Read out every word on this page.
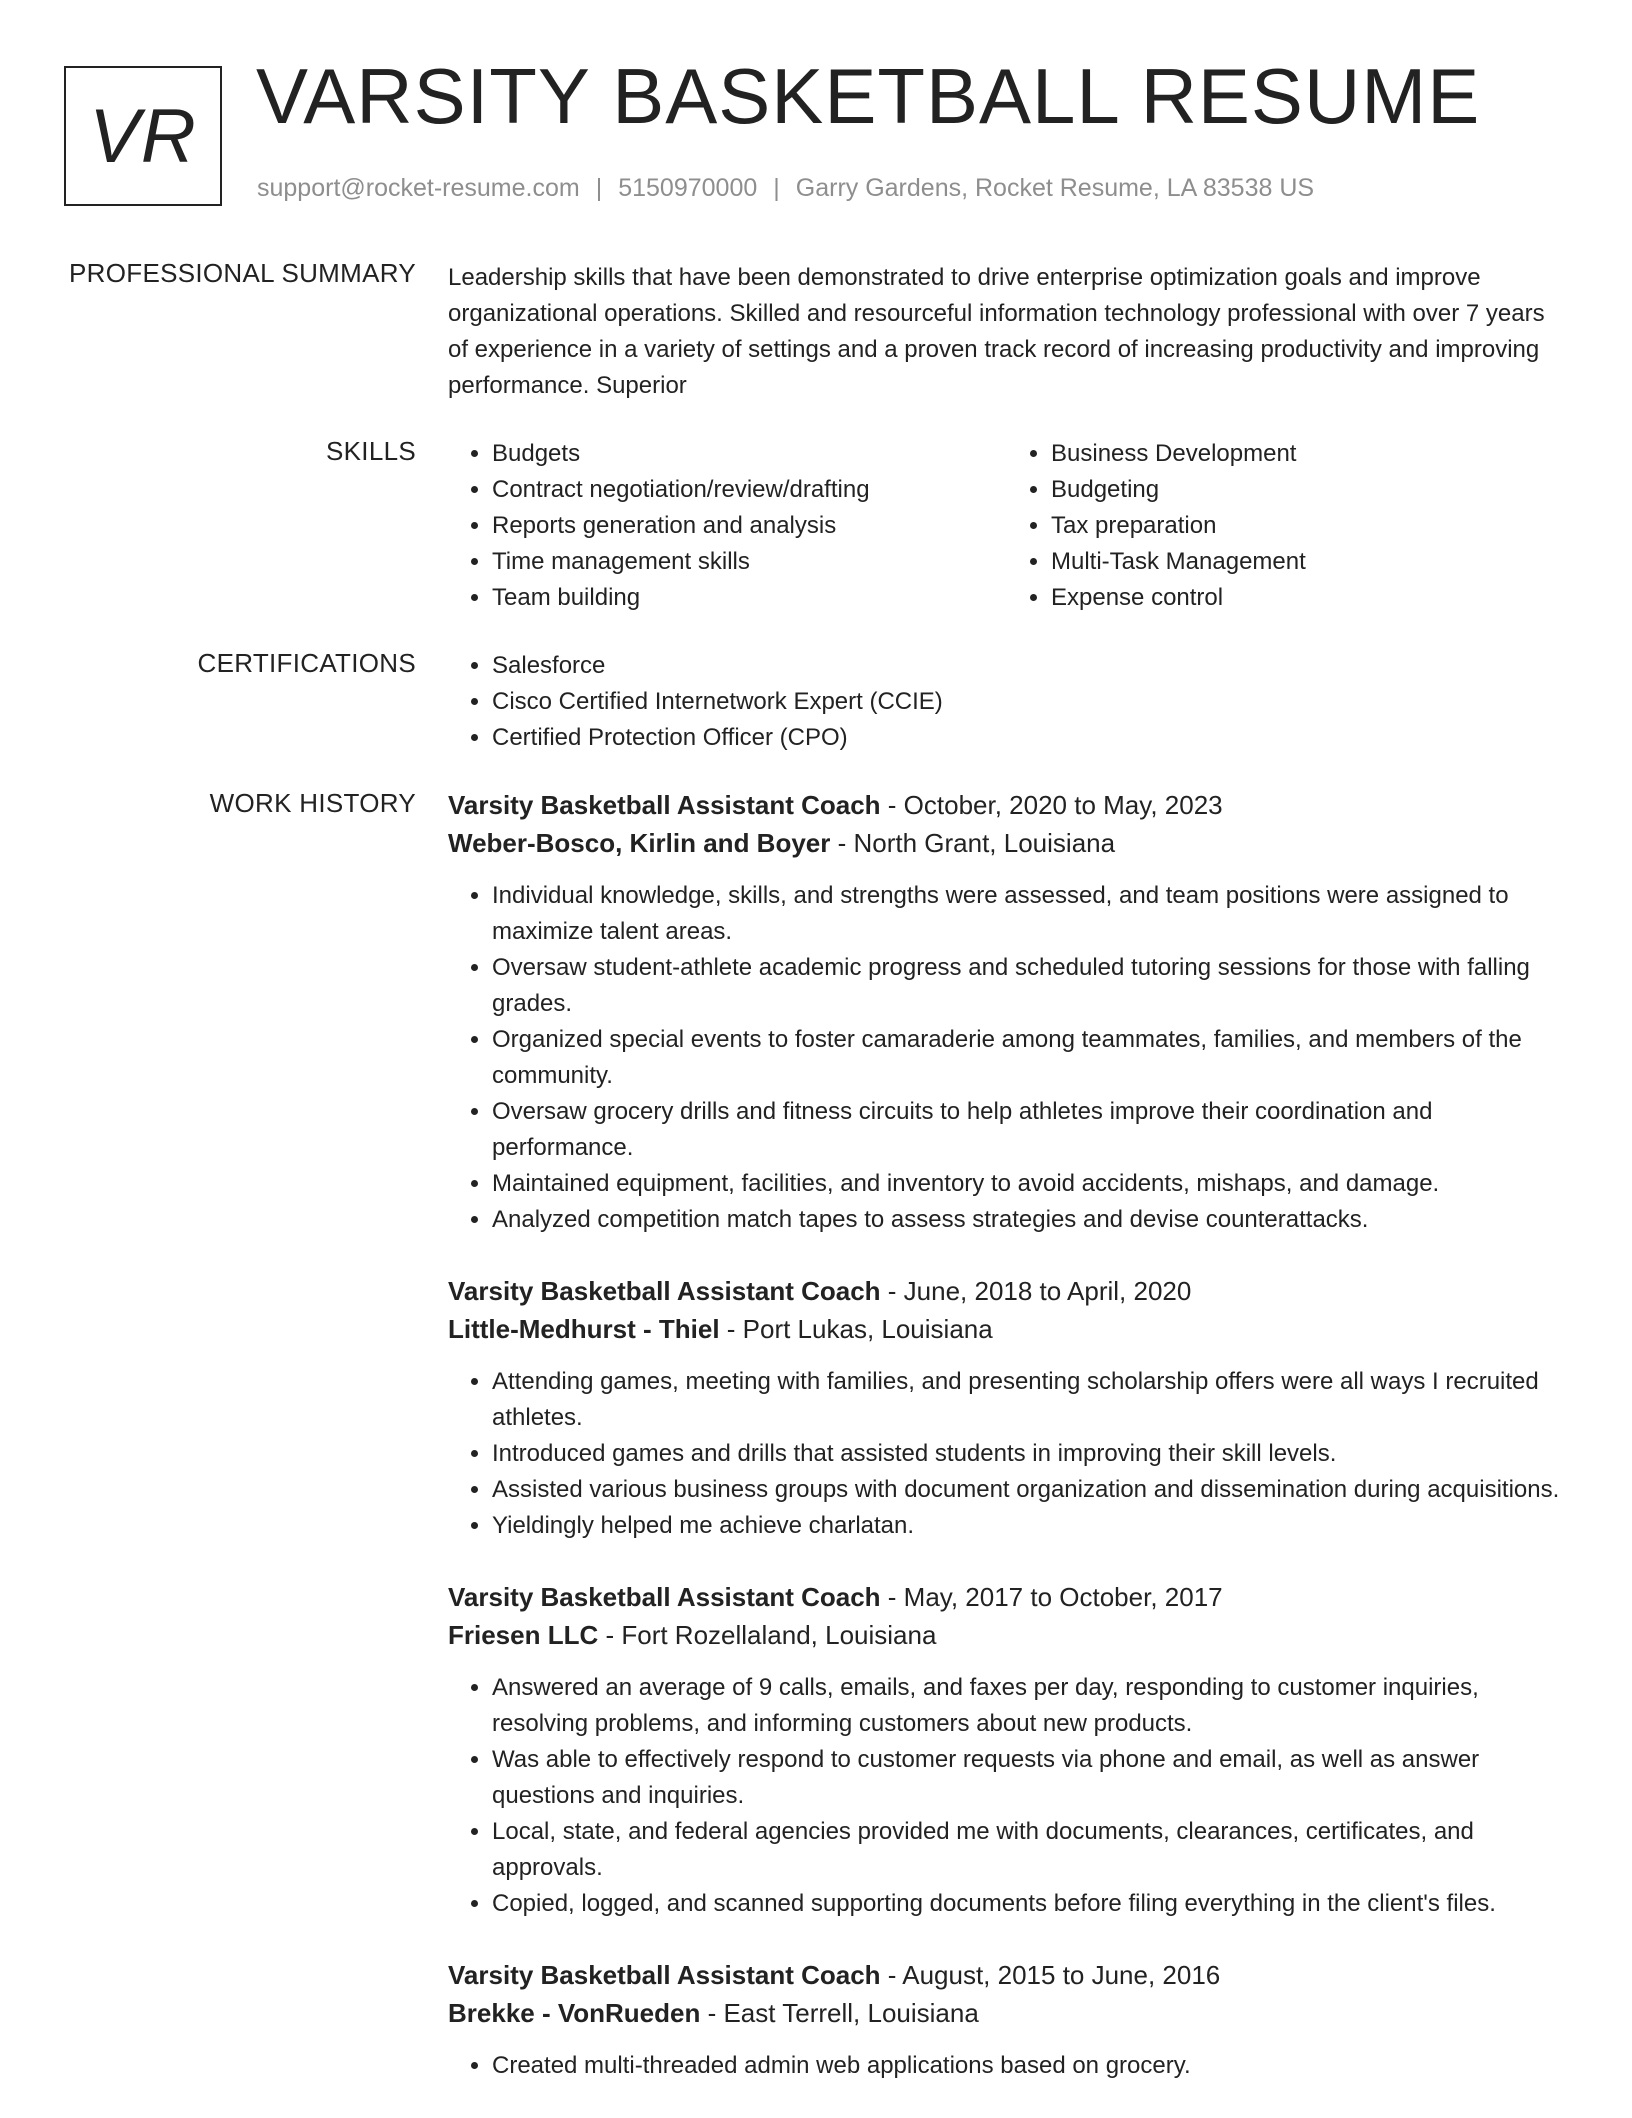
VR VARSITY BASKETBALL RESUME
support@rocket-resume.com | 5150970000 | Garry Gardens, Rocket Resume, LA 83538 US
PROFESSIONAL SUMMARY Leadership skills that have been demonstrated to drive enterprise optimization goals and improve organizational operations. Skilled and resourceful information technology professional with over 7 years of experience in a variety of settings and a proven track record of increasing productivity and improving performance. Superior

SKILLS	• Budgets
• Contract negotiation/review/drafting
• Reports generation and analysis
• Time management skills
• Team building
• Business Development
• Budgeting
• Tax preparation
• Multi-Task Management
• Expense control
CERTIFICATIONS	• Salesforce
• Cisco Certified Internetwork Expert (CCIE)
• Certified Protection Officer (CPO)
WORK HISTORY Varsity Basketball Assistant Coach - October, 2020 to May, 2023
Weber-Bosco, Kirlin and Boyer - North Grant, Louisiana
• Individual knowledge, skills, and strengths were assessed, and team positions were assigned to maximize talent areas.
• Oversaw student-athlete academic progress and scheduled tutoring sessions for those with falling grades.
• Organized special events to foster camaraderie among teammates, families, and members of the community.
• Oversaw grocery drills and fitness circuits to help athletes improve their coordination and performance.
• Maintained equipment, facilities, and inventory to avoid accidents, mishaps, and damage.
• Analyzed competition match tapes to assess strategies and devise counterattacks.
Varsity Basketball Assistant Coach - June, 2018 to April, 2020
Little-Medhurst - Thiel - Port Lukas, Louisiana
• Attending games, meeting with families, and presenting scholarship offers were all ways I recruited athletes.
• Introduced games and drills that assisted students in improving their skill levels.
• Assisted various business groups with document organization and dissemination during acquisitions.
• Yieldingly helped me achieve charlatan.
Varsity Basketball Assistant Coach - May, 2017 to October, 2017
Friesen LLC - Fort Rozellaland, Louisiana
• Answered an average of 9 calls, emails, and faxes per day, responding to customer inquiries, resolving problems, and informing customers about new products.
• Was able to effectively respond to customer requests via phone and email, as well as answer questions and inquiries.
• Local, state, and federal agencies provided me with documents, clearances, certificates, and approvals.
• Copied, logged, and scanned supporting documents before filing everything in the client's files.
Varsity Basketball Assistant Coach - August, 2015 to June, 2016
Brekke - VonRueden - East Terrell, Louisiana
• Created multi-threaded admin web applications based on grocery.
